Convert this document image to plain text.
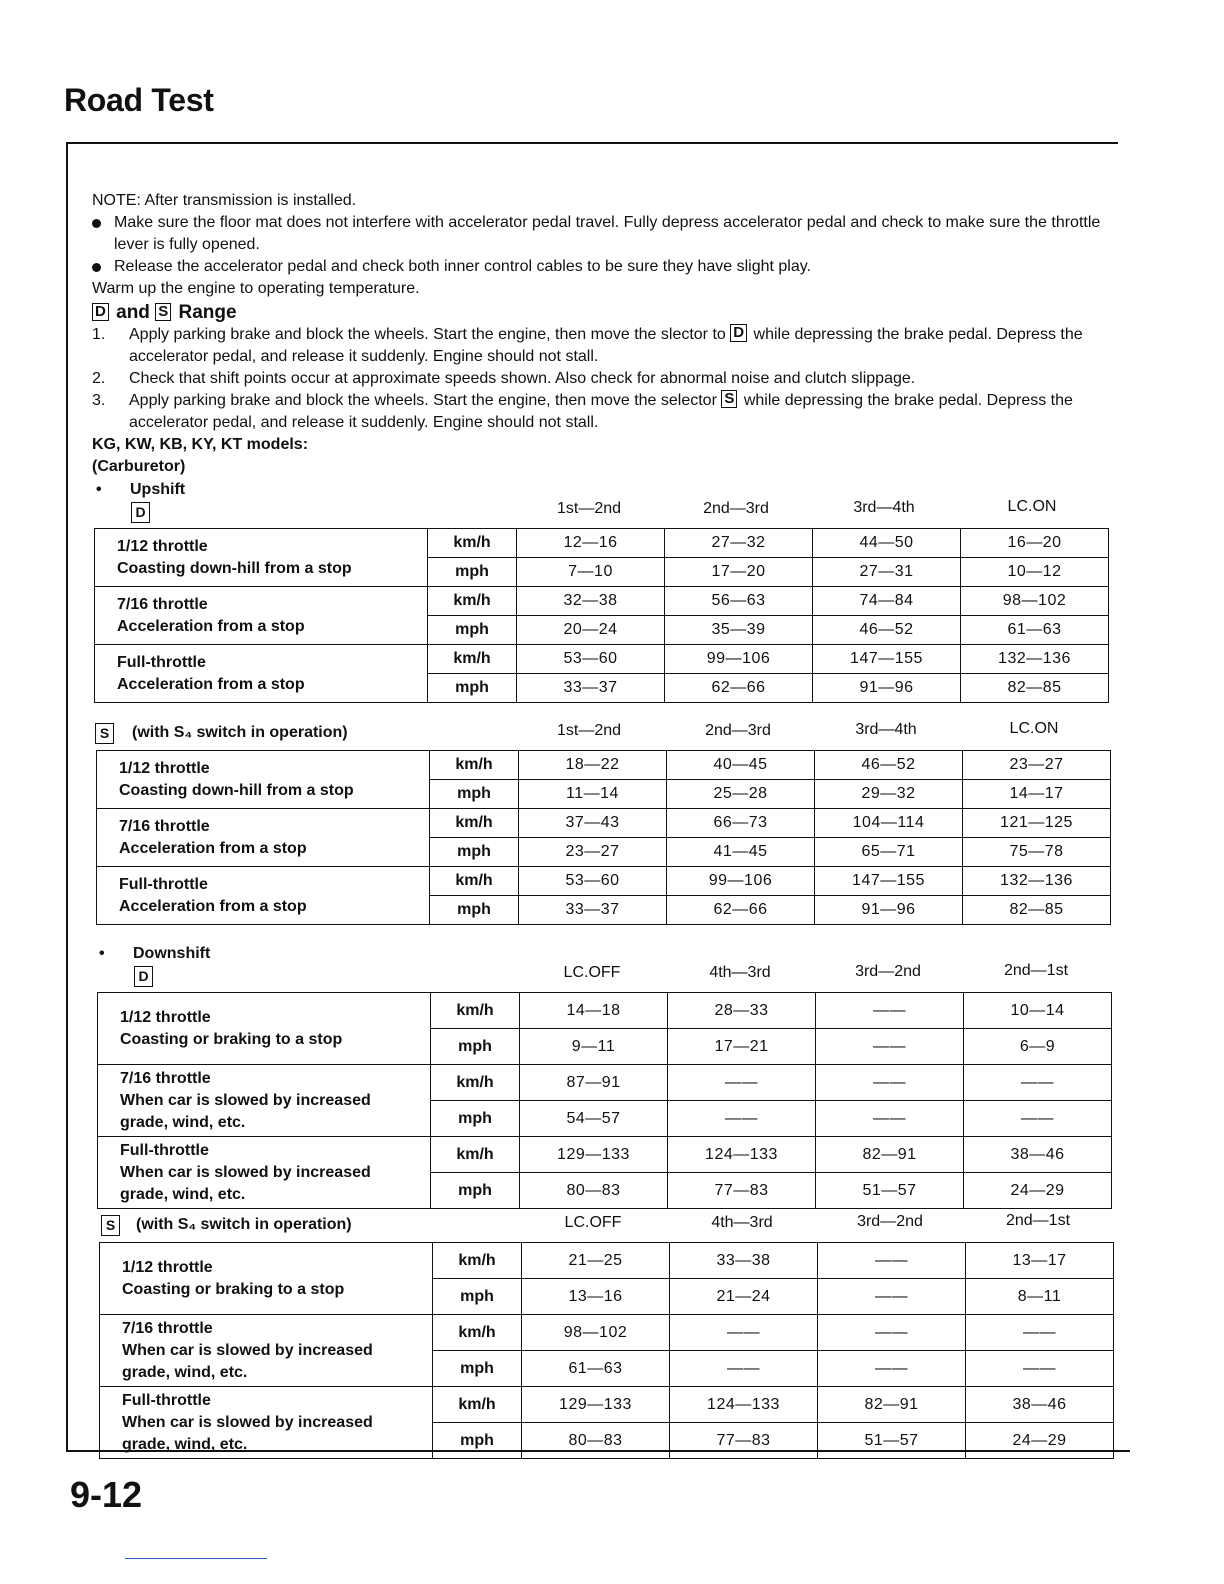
Road Test
NOTE: After transmission is installed.
Make sure the floor mat does not interfere with accelerator pedal travel. Fully depress accelerator pedal and check to make sure the throttle lever is fully opened.
Release the accelerator pedal and check both inner control cables to be sure they have slight play.
Warm up the engine to operating temperature.
D and S Range
1. Apply parking brake and block the wheels. Start the engine, then move the slector to D while depressing the brake pedal. Depress the accelerator pedal, and release it suddenly. Engine should not stall.
2. Check that shift points occur at approximate speeds shown. Also check for abnormal noise and clutch slippage.
3. Apply parking brake and block the wheels. Start the engine, then move the selector S while depressing the brake pedal. Depress the accelerator pedal, and release it suddenly. Engine should not stall.
KG, KW, KB, KY, KT models:
(Carburetor)
• Upshift
D	1st—2nd	2nd—3rd	3rd—4th	LC.ON
1/12 throttle
Coasting down-hill from a stop	km/h	12—16	27—32	44—50	16—20
	mph	7—10	17—20	27—31	10—12

7/16 throttle
Acceleration from a stop	km/h	32—38	56—63	74—84	98—102
	mph	20—24	35—39	46—52	61—63

Full-throttle
Acceleration from a stop	km/h	53—60	99—106	147—155	132—136
	mph	33—37	62—66	91—96	82—85
S	(with S₄ switch in operation)	1st—2nd	2nd—3rd	3rd—4th	LC.ON
1/12 throttle
Coasting down-hill from a stop	km/h	18—22	40—45	46—52	23—27
	mph	11—14	25—28	29—32	14—17

7/16 throttle
Acceleration from a stop	km/h	37—43	66—73	104—114	121—125
	mph	23—27	41—45	65—71	75—78

Full-throttle
Acceleration from a stop	km/h	53—60	99—106	147—155	132—136
	mph	33—37	62—66	91—96	82—85
• Downshift
D	LC.OFF	4th—3rd	3rd—2nd	2nd—1st
1/12 throttle
Coasting or braking to a stop	km/h	14—18	28—33	——	10—14
	mph	9—11	17—21	——	6—9

7/16 throttle
When car is slowed by increased
grade, wind, etc.	km/h	87—91	——	——	——
	mph	54—57	——	——	——

Full-throttle
When car is slowed by increased
grade, wind, etc.	km/h	129—133	124—133	82—91	38—46
	mph	80—83	77—83	51—57	24—29
S	(with S₄ switch in operation)	LC.OFF	4th—3rd	3rd—2nd	2nd—1st
1/12 throttle
Coasting or braking to a stop	km/h	21—25	33—38	——	13—17
	mph	13—16	21—24	——	8—11

7/16 throttle
When car is slowed by increased
grade, wind, etc.	km/h	98—102	——	——	——
	mph	61—63	——	——	——

Full-throttle
When car is slowed by increased
grade, wind, etc.	km/h	129—133	124—133	82—91	38—46
	mph	80—83	77—83	51—57	24—29
9-12
